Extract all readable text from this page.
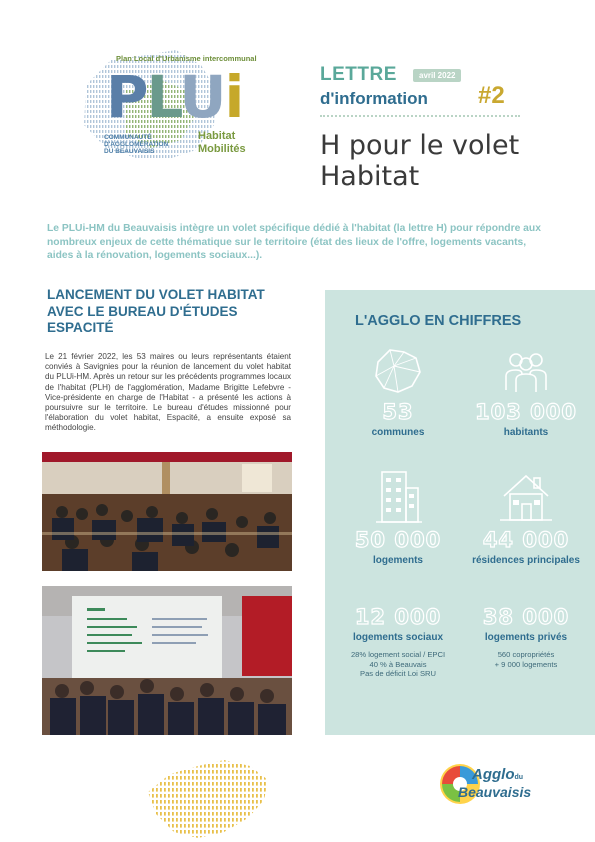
Plan Local d'Urbanisme intercommunal
PLUi
COMMUNAUTÉ
D'AGGLOMÉRATION
DU BEAUVAISIS
Habitat
Mobilités
LETTRE	avril 2022
d'information #2
H pour le volet Habitat

Le PLUi-HM du Beauvaisis intègre un volet spécifique dédié à l'habitat (la lettre H) pour répondre aux nombreux enjeux de cette thématique sur le territoire (état des lieux de l'offre, logements vacants, aides à la rénovation, logements sociaux...).

LANCEMENT DU VOLET HABITAT AVEC LE BUREAU D'ÉTUDES ESPACITÉ

Le 21 février 2022, les 53 maires ou leurs représentants étaient conviés à Savignies pour la réunion de lancement du volet habitat du PLUi-HM. Après un retour sur les précédents programmes locaux de l'habitat (PLH) de l'agglomération, Madame Brigitte Lefebvre - Vice-présidente en charge de l'Habitat - a présenté les actions à poursuivre sur le territoire. Le bureau d'études missionné pour l'élaboration du volet habitat, Espacité, a ensuite exposé sa méthodologie.

L'AGGLO EN CHIFFRES
53
communes
103 000
habitants
50 000
logements
44 000
résidences principales
12 000
logements sociaux
28% logement social / EPCI
40 % à Beauvais
Pas de déficit Loi SRU
38 000
logements privés
560 copropriétés
+ 9 000 logements
Agglodu
Beauvaisis
